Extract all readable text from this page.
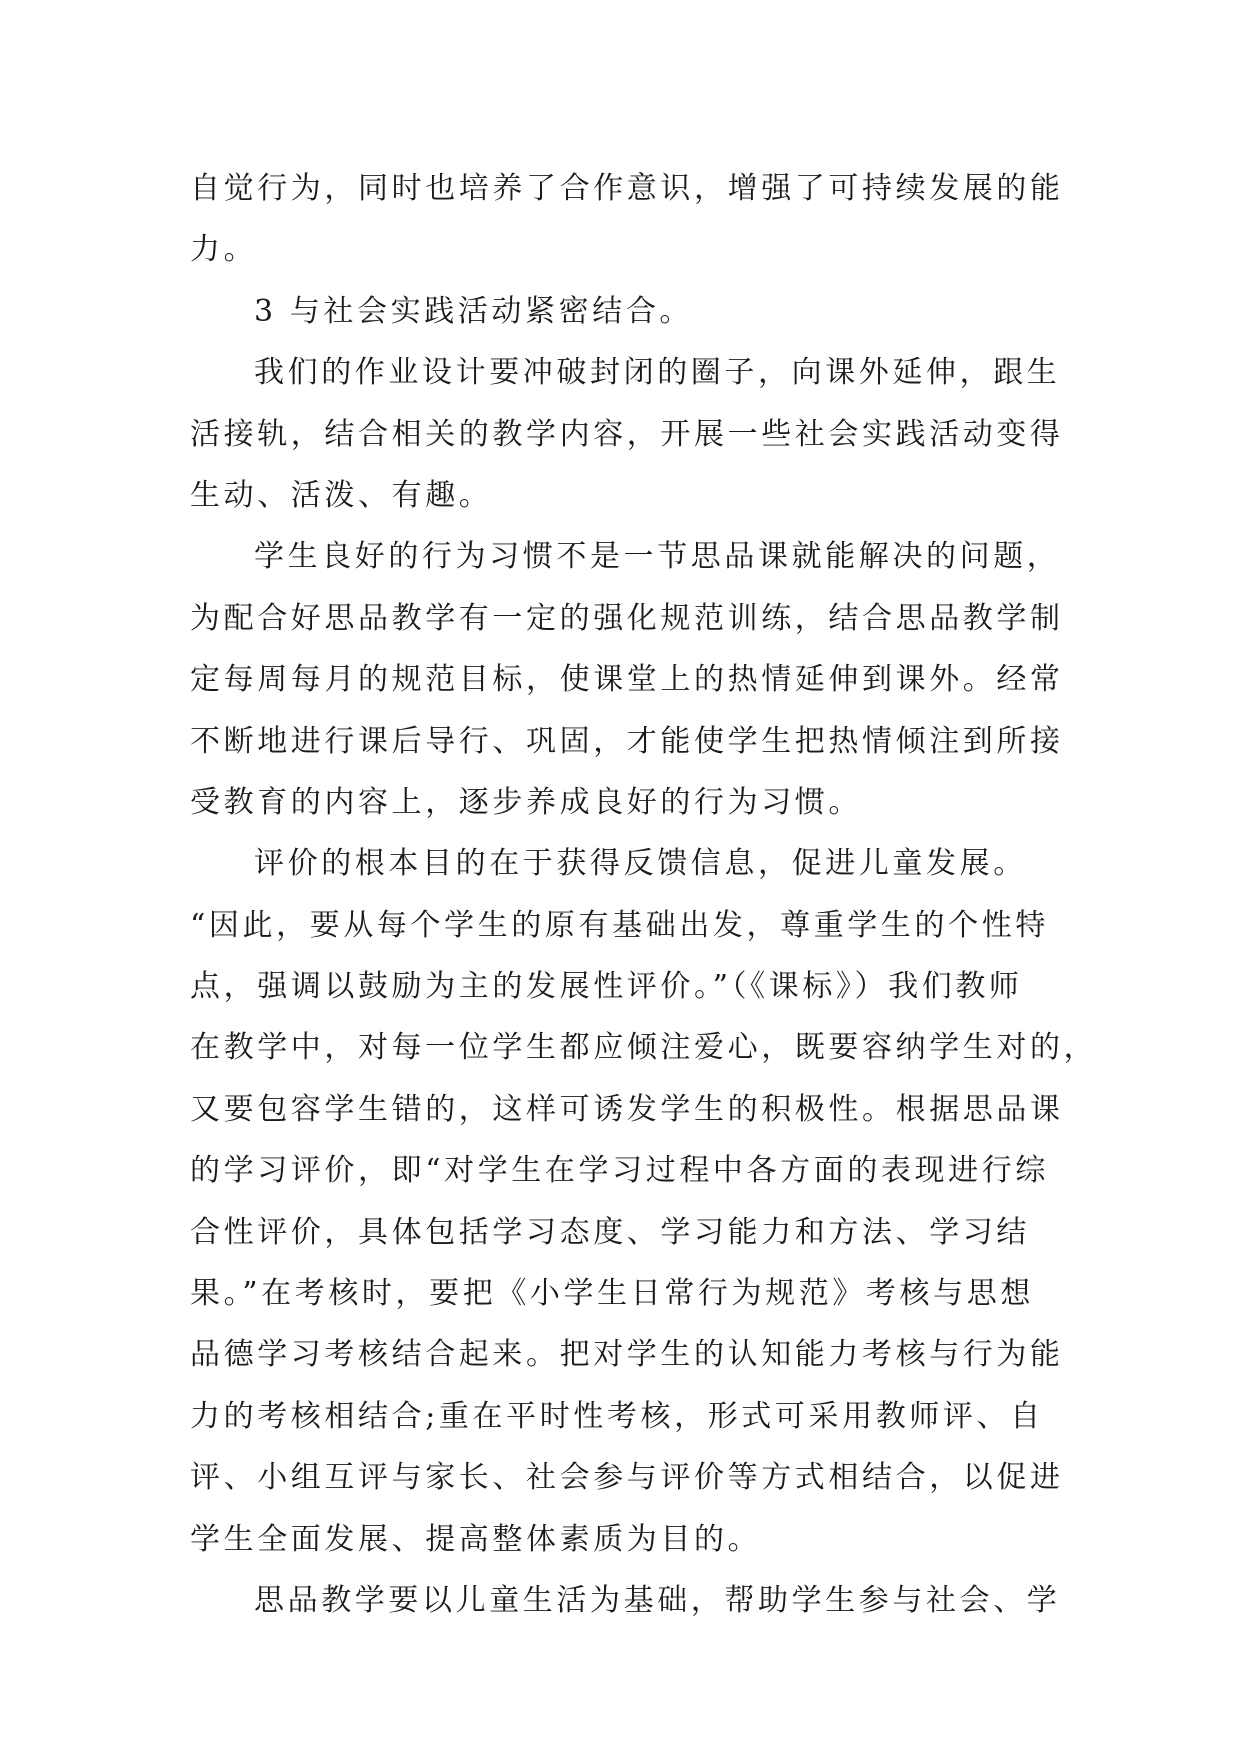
自觉行为，同时也培养了合作意识，增强了可持续发展的能
力。
3 与社会实践活动紧密结合。
我们的作业设计要冲破封闭的圈子，向课外延伸，跟生
活接轨，结合相关的教学内容，开展一些社会实践活动变得
生动、活泼、有趣。
学生良好的行为习惯不是一节思品课就能解决的问题，
为配合好思品教学有一定的强化规范训练，结合思品教学制
定每周每月的规范目标，使课堂上的热情延伸到课外。经常
不断地进行课后导行、巩固，才能使学生把热情倾注到所接
受教育的内容上，逐步养成良好的行为习惯。
评价的根本目的在于获得反馈信息，促进儿童发展。
“因此，要从每个学生的原有基础出发，尊重学生的个性特
点，强调以鼓励为主的发展性评价。”（《课标》）我们教师
在教学中，对每一位学生都应倾注爱心，既要容纳学生对的，
又要包容学生错的，这样可诱发学生的积极性。根据思品课
的学习评价，即“对学生在学习过程中各方面的表现进行综
合性评价，具体包括学习态度、学习能力和方法、学习结
果。”在考核时，要把《小学生日常行为规范》考核与思想
品德学习考核结合起来。把对学生的认知能力考核与行为能
力的考核相结合;重在平时性考核，形式可采用教师评、自
评、小组互评与家长、社会参与评价等方式相结合，以促进
学生全面发展、提高整体素质为目的。
思品教学要以儿童生活为基础，帮助学生参与社会、学
